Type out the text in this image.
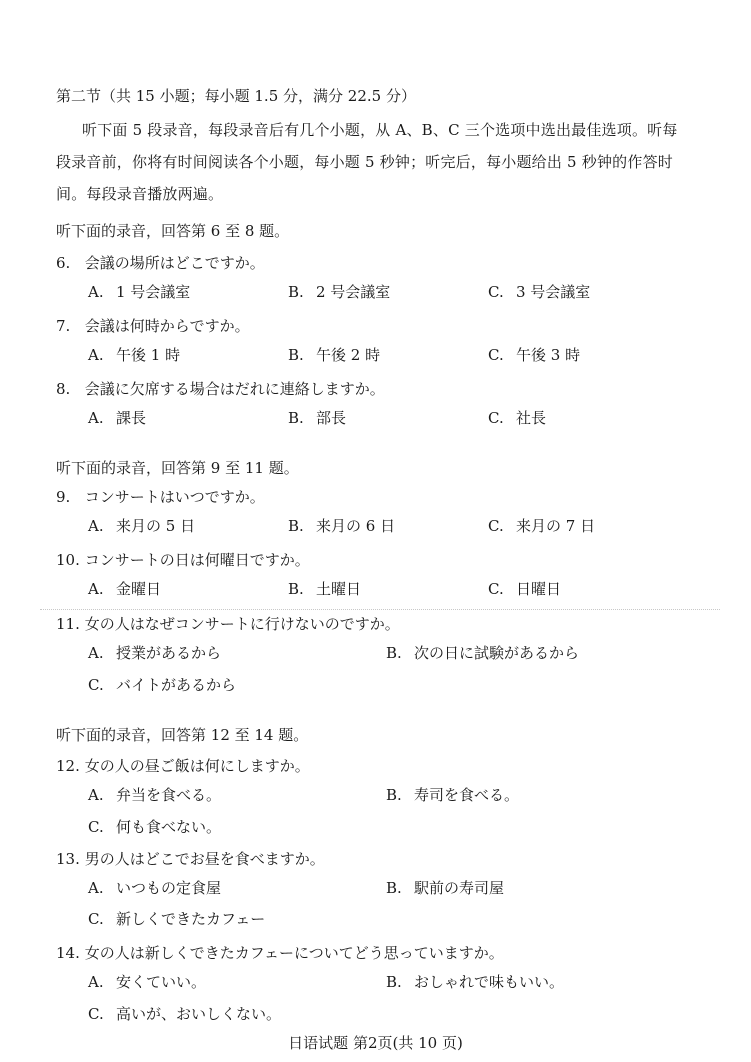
第二节（共 15 小题；每小题 1.5 分，满分 22.5 分）
听下面 5 段录音，每段录音后有几个小题，从 A、B、C 三个选项中选出最佳选项。听每
段录音前，你将有时间阅读各个小题，每小题 5 秒钟；听完后，每小题给出 5 秒钟的作答时
间。每段录音播放两遍。
听下面的录音，回答第 6 至 8 题。
6. 会議の場所はどこですか。
A. 1 号会議室	B. 2 号会議室	C. 3 号会議室
7. 会議は何時からですか。
A. 午後 1 時	B. 午後 2 時	C. 午後 3 時
8. 会議に欠席する場合はだれに連絡しますか。
A. 課長	B. 部長	C. 社長
听下面的录音，回答第 9 至 11 题。
9. コンサートはいつですか。
A. 来月の 5 日	B. 来月の 6 日	C. 来月の 7 日
10. コンサートの日は何曜日ですか。
A. 金曜日	B. 土曜日	C. 日曜日
11. 女の人はなぜコンサートに行けないのですか。
A. 授業があるから	B. 次の日に試験があるから
C. バイトがあるから
听下面的录音，回答第 12 至 14 题。
12. 女の人の昼ご飯は何にしますか。
A. 弁当を食べる。	B. 寿司を食べる。
C. 何も食べない。
13. 男の人はどこでお昼を食べますか。
A. いつもの定食屋	B. 駅前の寿司屋
C. 新しくできたカフェー
14. 女の人は新しくできたカフェーについてどう思っていますか。
A. 安くていい。	B. おしゃれで味もいい。
C. 高いが、おいしくない。
日语试题 第2页(共 10 页)
